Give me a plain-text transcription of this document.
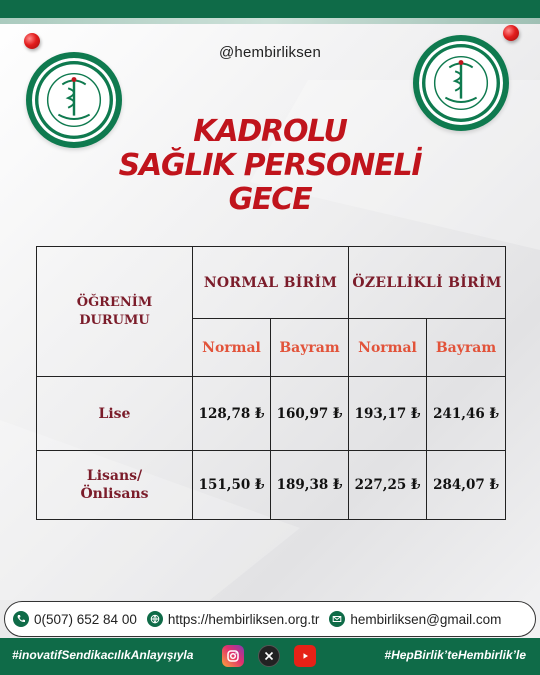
@hembirliksen
KADROLU
SAĞLIK PERSONELİ
GECE
ÖĞRENİM
DURUMU	NORMAL BİRİM		ÖZELLİKLİ BİRİM	
	Normal	Bayram	Normal	Bayram

Lise	128,78 ₺	160,97 ₺	193,17 ₺	241,46 ₺

Lisans/
Önlisans	151,50 ₺	189,38 ₺	227,25 ₺	284,07 ₺
0(507) 652 84 00 https://hembirliksen.org.tr hembirliksen@gmail.com
#inovatifSendikacılıkAnlayışıyla	#HepBirlik’teHembirlik’le
